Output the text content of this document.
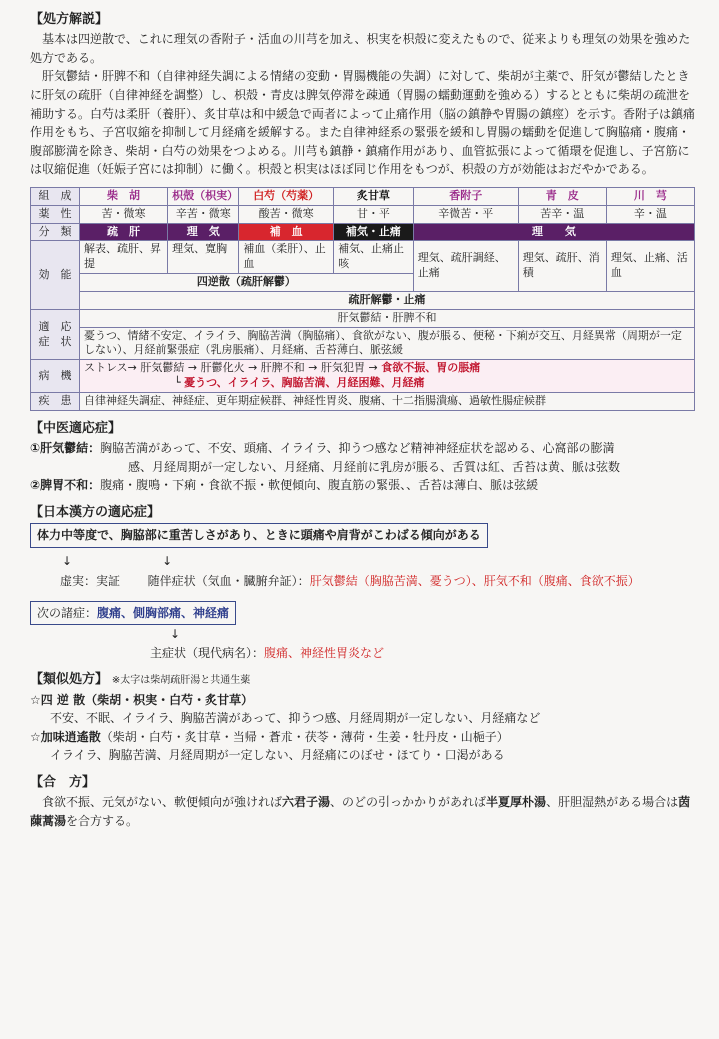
【処方解説】

基本は四逆散で、これに理気の香附子・活血の川芎を加え、枳実を枳殻に変えたもので、従来よりも理気の効果を強めた処方である。

肝気鬱結・肝脾不和（自律神経失調による情緒の変動・胃腸機能の失調）に対して、柴胡が主薬で、肝気が鬱結したときに肝気の疏肝（自律神経を調整）し、枳殻・青皮は脾気停滞を疎通（胃腸の蠕動運動を強める）するとともに柴胡の疏泄を補助する。白芍は柔肝（養肝）、炙甘草は和中緩急で両者によって止痛作用（脳の鎮静や胃腸の鎮痙）を示す。香附子は鎮痛作用をもち、子宮収縮を抑制して月経痛を緩解する。また自律神経系の緊張を緩和し胃腸の蠕動を促進して胸脇痛・腹痛・腹部膨満を除き、柴胡・白芍の効果をつよめる。川芎も鎮静・鎮痛作用があり、血管拡張によって循環を促進し、子宮筋には収縮促進（妊娠子宮には抑制）に働く。枳殻と枳実はほぼ同じ作用をもつが、枳殻の方が効能はおだやかである。

組　成	柴　胡	枳殻（枳実）	白芍（芍薬）	炙甘草	香附子	青　皮	川　芎
薬　性	苦・微寒	辛苦・微寒	酸苦・微寒	甘・平	辛微苦・平	苦辛・温	辛・温
分　類	疏　肝	理　気	補　血	補気・止痛	理　　気		
効　能	解表、疏肝、昇提	理気、寛胸	補血（柔肝）、止血	補気、止痛止咳	理気、疏肝調経、止痛	理気、疏肝、消積	理気、止痛、活血
	四逆散（疏肝解鬱）						
	疏肝解鬱・止痛						
適　応
症　状	肝気鬱結・肝脾不和						
	憂うつ、情緒不安定、イライラ、胸脇苦満（胸脇痛）、食欲がない、腹が脹る、便秘・下痢が交互、月経異常（周期が一定しない）、月経前緊張症（乳房脹痛）、月経痛、舌苔薄白、脈弦緩						
病　機	ストレス→ 肝気鬱結 → 肝鬱化火 → 肝脾不和 → 肝気犯胃 → 食欲不振、胃の脹痛
└ 憂うつ、イライラ、胸脇苦満、月経困難、月経痛						

疾　患	自律神経失調症、神経症、更年期症候群、神経性胃炎、腹痛、十二指腸潰瘍、過敏性腸症候群						
【中医適応症】
①肝気鬱結：胸脇苦満があって、不安、頭痛、イライラ、抑うつ感など精神神経症状を認める、心窩部の膨満
感、月経周期が一定しない、月経痛、月経前に乳房が脹る、舌質は紅、舌苔は黄、脈は弦数
②脾胃不和：腹痛・腹鳴・下痢・食欲不振・軟便傾向、腹直筋の緊張、、舌苔は薄白、脈は弦緩
【日本漢方の適応症】
体力中等度で、胸脇部に重苦しさがあり、ときに頭痛や肩背がこわばる傾向がある
↓	↓
虚実：実証 随伴症状（気血・臓腑弁証）：肝気鬱結（胸脇苦満、憂うつ）、肝気不和（腹痛、食欲不振）
次の諸症：腹痛、側胸部痛、神経痛
↓
主症状（現代病名）：腹痛、神経性胃炎など
【類似処方】 ※太字は柴胡疏肝湯と共通生薬
☆四 逆 散（柴胡・枳実・白芍・炙甘草）
不安、不眠、イライラ、胸脇苦満があって、抑うつ感、月経周期が一定しない、月経痛など
☆加味逍遙散（柴胡・白芍・炙甘草・当帰・蒼朮・茯苓・薄荷・生姜・牡丹皮・山梔子）
イライラ、胸脇苦満、月経周期が一定しない、月経痛にのぼせ・ほてり・口渇がある
【合　方】

食欲不振、元気がない、軟便傾向が強ければ六君子湯、のどの引っかかりがあれば半夏厚朴湯、肝胆湿熱がある場合は茵蔯蒿湯を合方する。
